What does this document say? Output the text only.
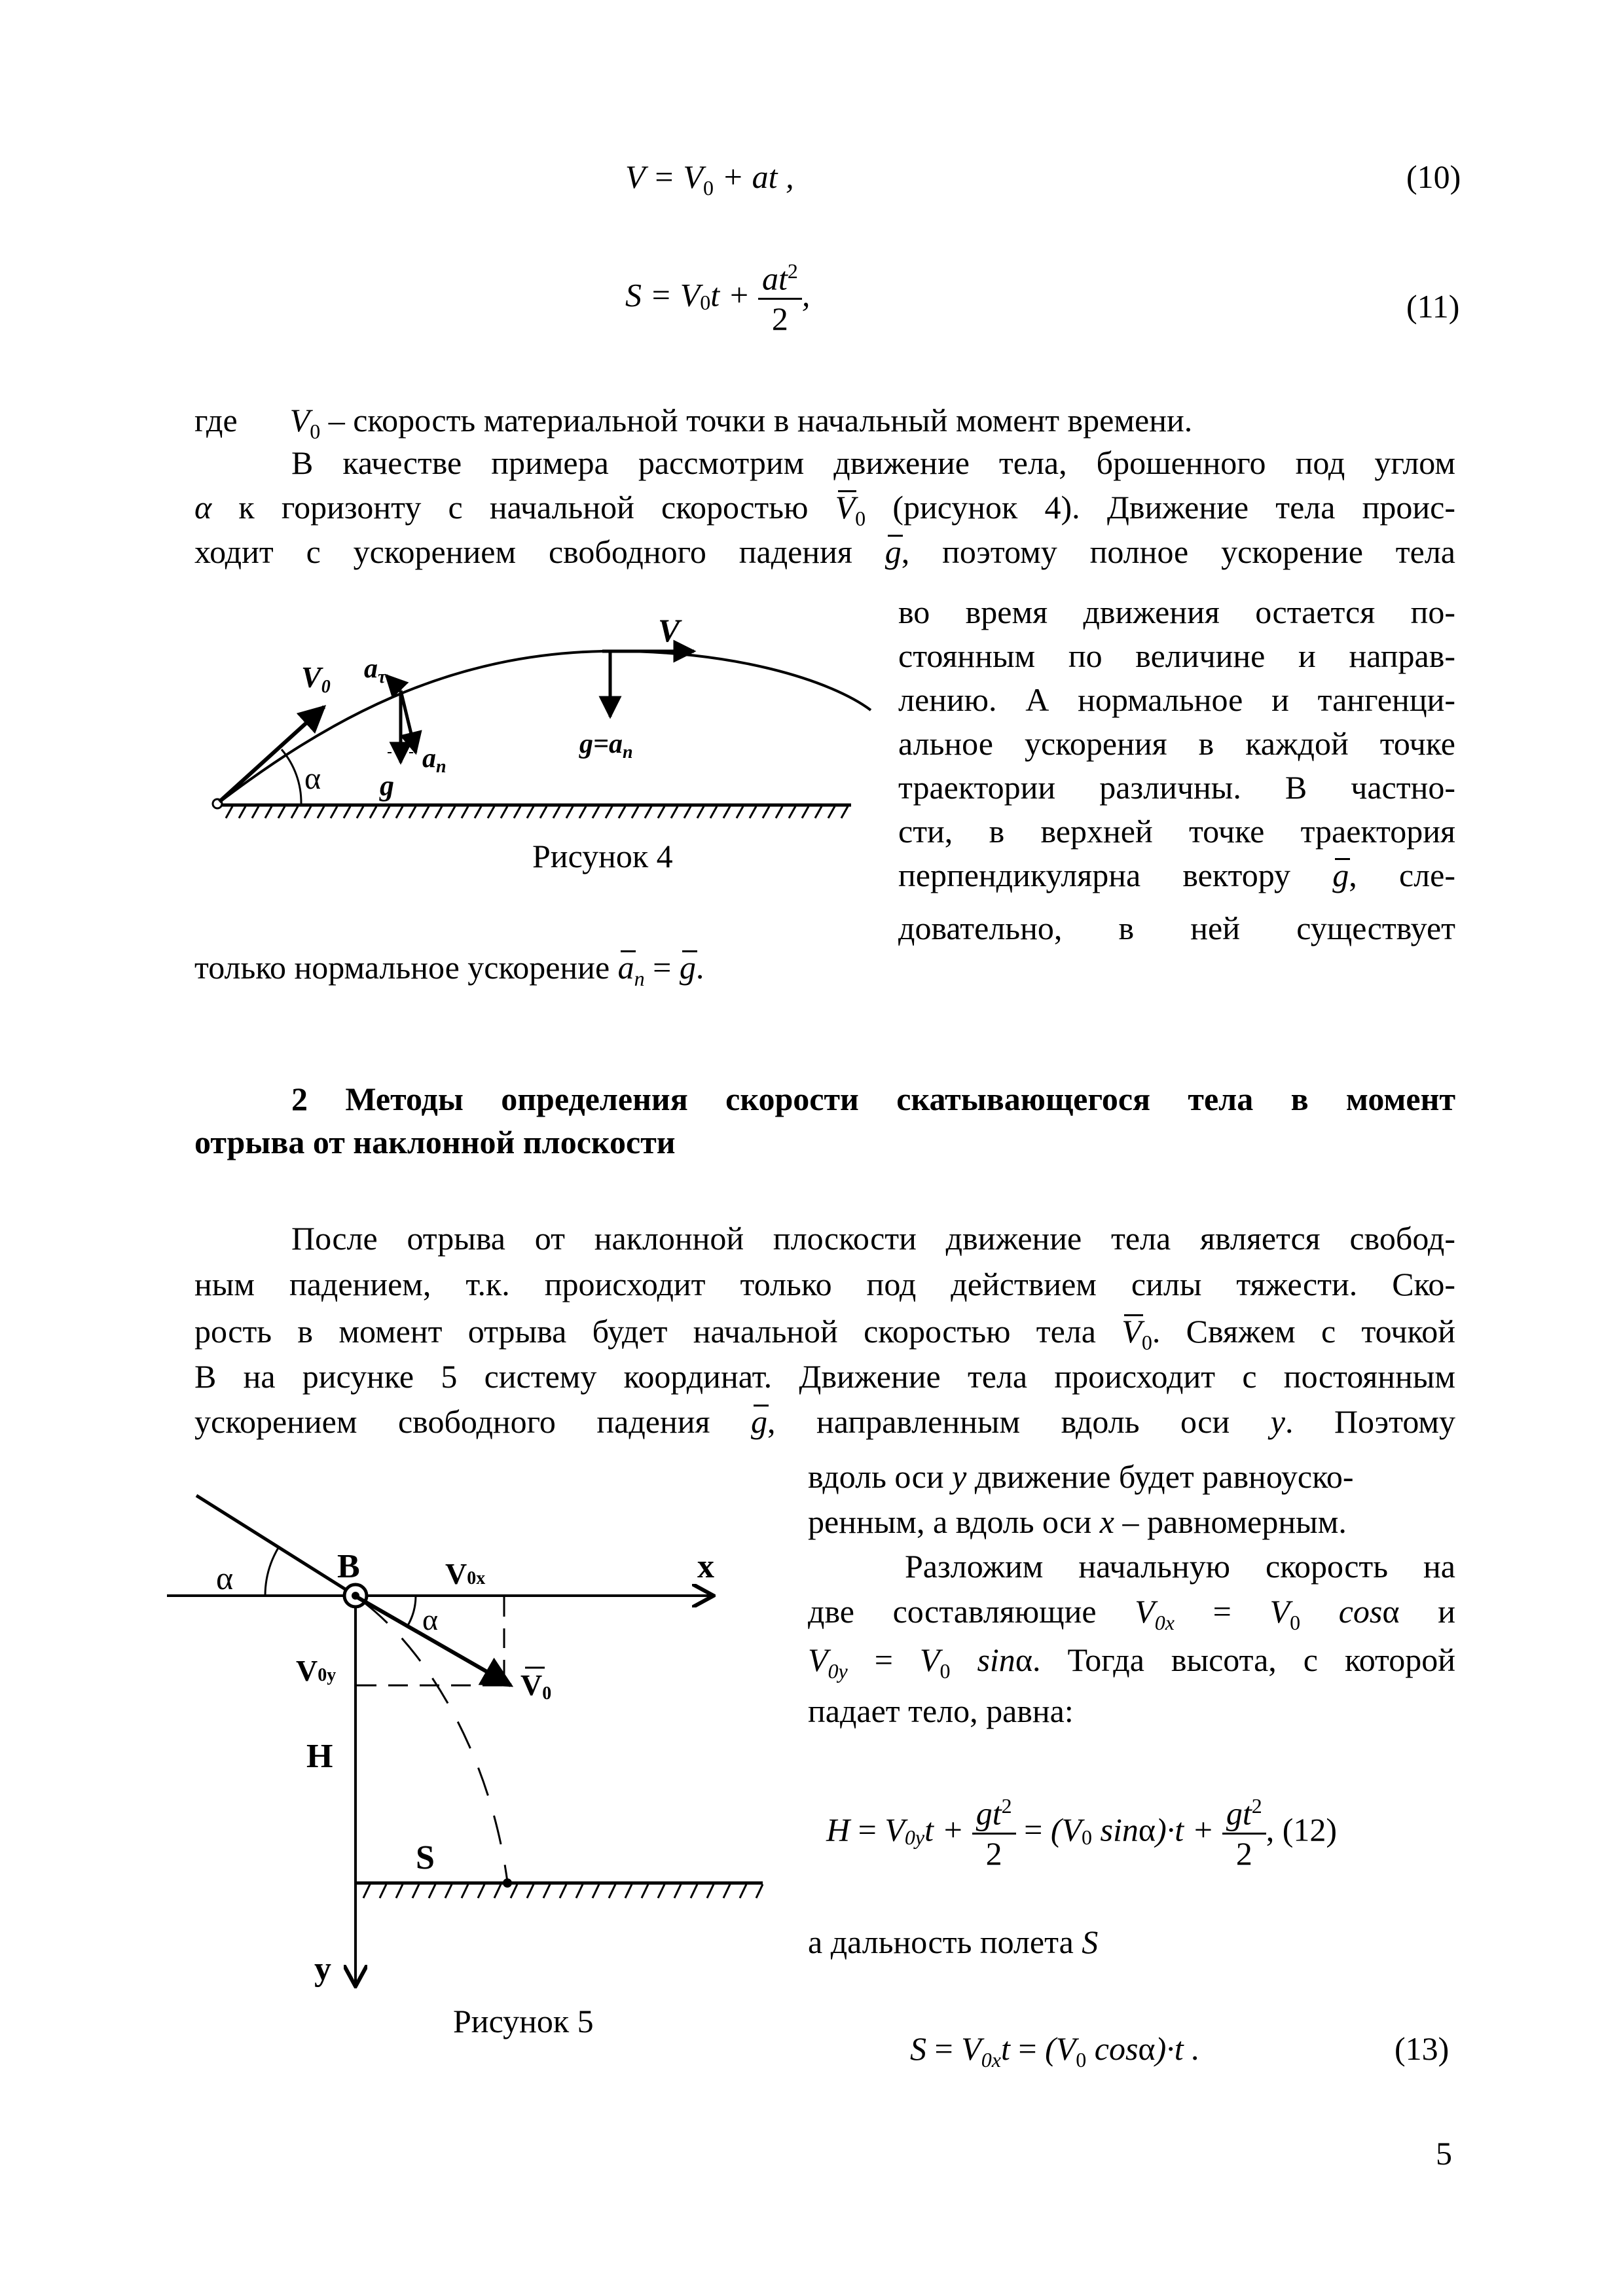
$V = V_0$ + at ,	(10)
$S = V_0t + \frac{at^2}{2}$ ,	(11)
где $V_0$ – скорость материальной точки в начальный момент времени.
В качестве примера рассмотрим движение тела, брошенного под углом
α к горизонту с начальной скоростью $V_0$ (рисунок 4). Движение тела проис-
ходит с ускорением свободного падения g, поэтому полное ускорение тела
во время движения остается по-
стоянным по величине и направ-
лению. А нормальное и тангенци-
альное ускорения в каждой точке
траектории различны. В частно-
сти, в верхней точке траектория
перпендикулярна вектору g, сле-
довательно, в ней существует
только нормальное ускорение $a_n = g$.
V0
aτ
α
an
g
V
g=an
Рисунок 4
2 Методы определения скорости скатывающегося тела в момент
отрыва от наклонной плоскости
После отрыва от наклонной плоскости движение тела является свобод-
ным падением, т.к. происходит только под действием силы тяжести. Ско-
рость в момент отрыва будет начальной скоростью тела $V_0$. Свяжем с точкой
В на рисунке 5 систему координат. Движение тела происходит с постоянным
ускорением свободного падения g, направленным вдоль оси y. Поэтому
вдоль оси y движение будет равноуско-
ренным, а вдоль оси x – равномерным.
Разложим начальную скорость на
две составляющие $V_{0x} = V_0$ cosα и
$V_{0y} = V_0$ sinα. Тогда высота, с которой
падает тело, равна:
$H = V_{0y}t + \frac{gt^2}{2} = (V_0$ $\sin\alpha)\cdot t + \frac{gt^2}{2}$ , (12)
а дальность полета S
$S = V_{0x}t = (V_0$ cosα)·t .	(13)
α	B	V0x	x
α
V0y	V0
H
S
y
Рисунок 5
5
